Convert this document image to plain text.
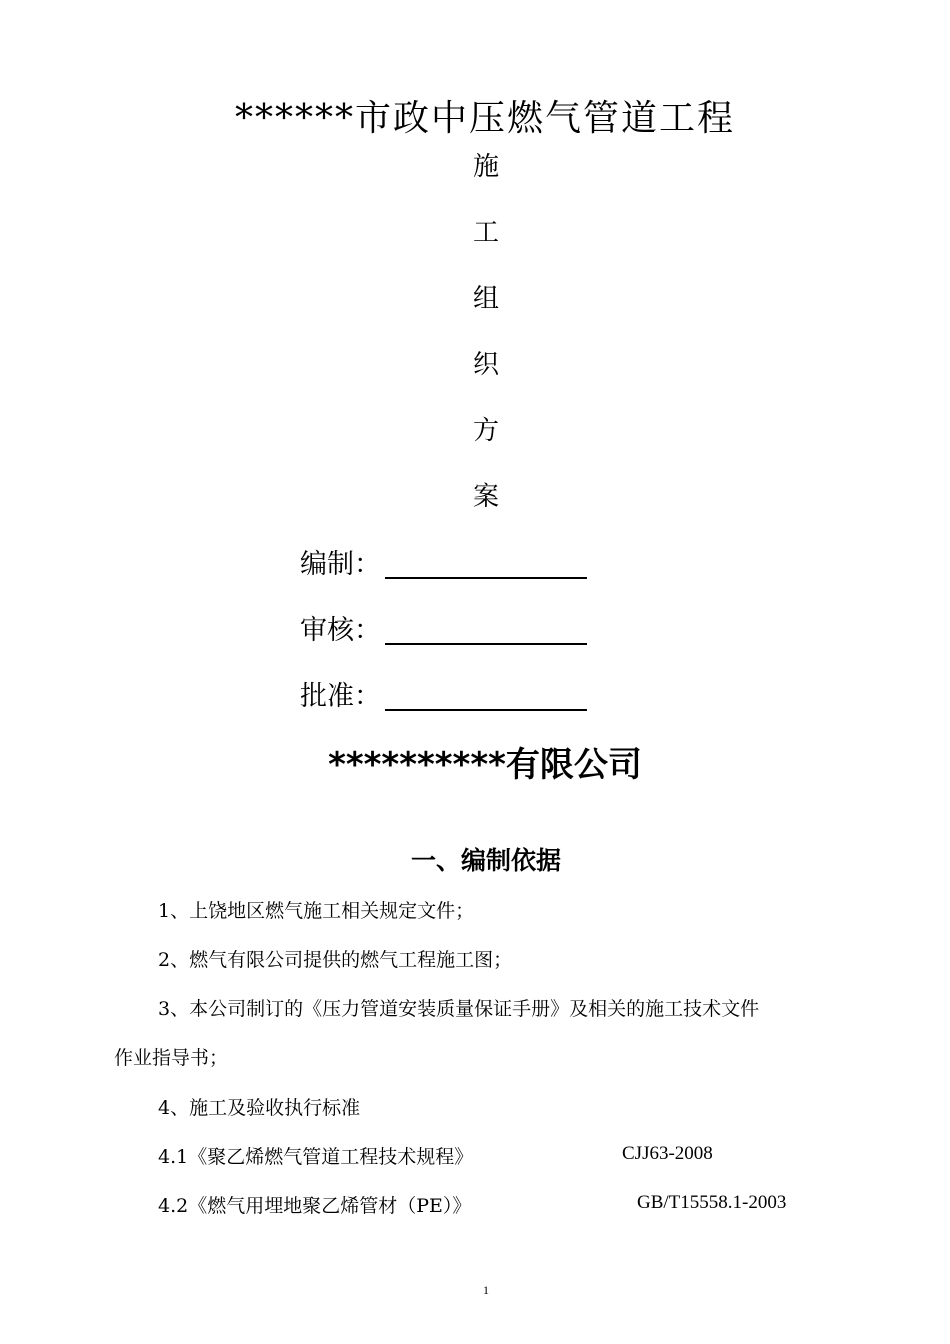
******市政中压燃气管道工程
施
工
组
织
方
案
编制：
审核：
批准：
**********有限公司
一、编制依据
1、上饶地区燃气施工相关规定文件；
2、燃气有限公司提供的燃气工程施工图；
3、本公司制订的《压力管道安装质量保证手册》及相关的施工技术文件
作业指导书；
4、施工及验收执行标准
4.1《聚乙烯燃气管道工程技术规程》	CJJ63-2008
4.2《燃气用埋地聚乙烯管材（PE）》	GB/T15558.1-2003
1
